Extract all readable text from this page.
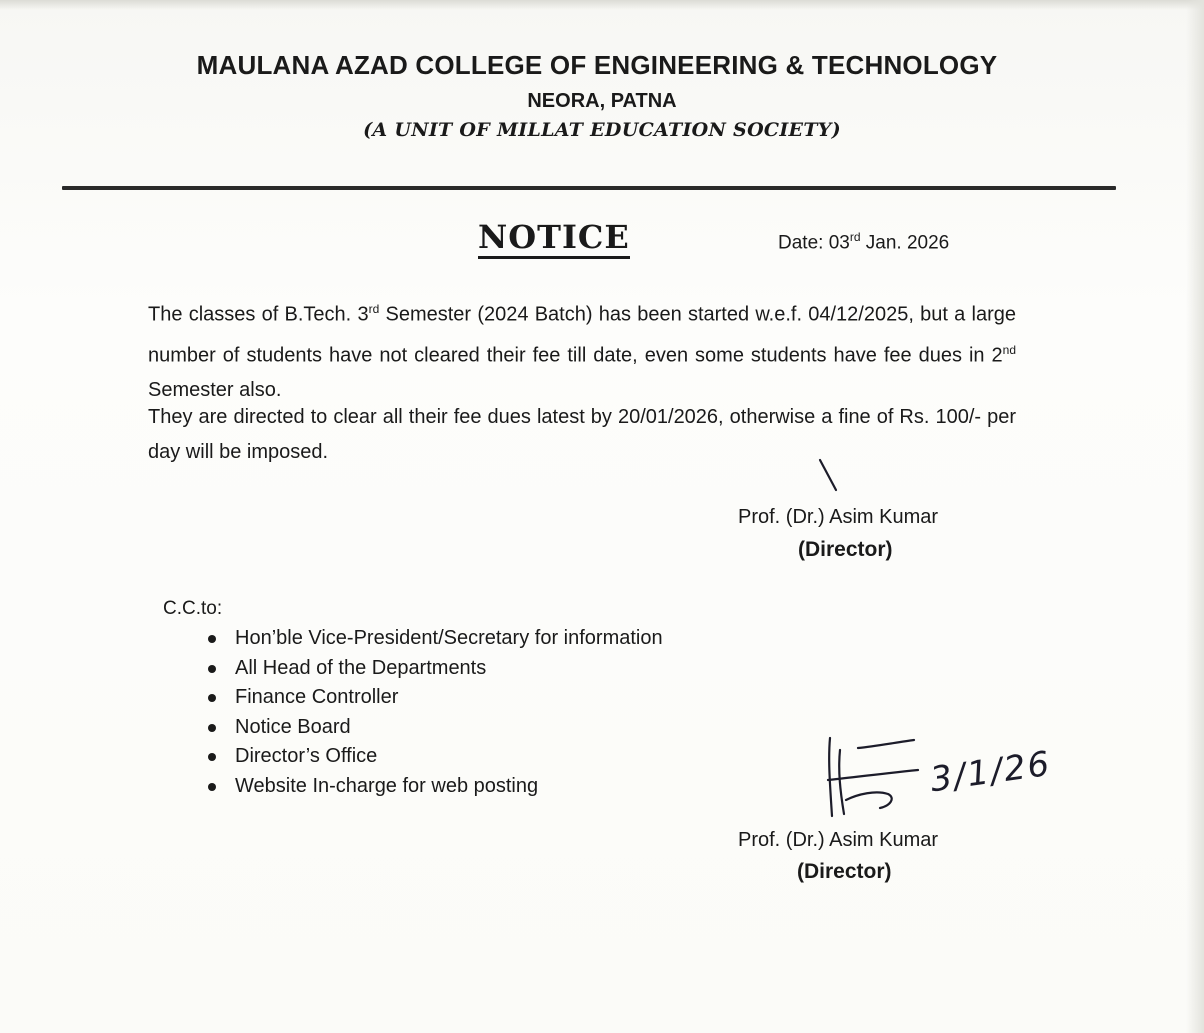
MAULANA AZAD COLLEGE OF ENGINEERING & TECHNOLOGY
NEORA, PATNA
(A UNIT OF MILLAT EDUCATION SOCIETY)
NOTICE	Date: 03rd Jan. 2026
The classes of B.Tech. 3rd Semester (2024 Batch) has been started w.e.f. 04/12/2025, but a large number of students have not cleared their fee till date, even some students have fee dues in 2nd Semester also.
They are directed to clear all their fee dues latest by 20/01/2026, otherwise a fine of Rs. 100/- per day will be imposed.
Prof. (Dr.) Asim Kumar
(Director)
C.C.to:
Hon’ble Vice-President/Secretary for information
All Head of the Departments
Finance Controller
Notice Board
Director’s Office
Website In-charge for web posting	3/1/26
Prof. (Dr.) Asim Kumar
(Director)
